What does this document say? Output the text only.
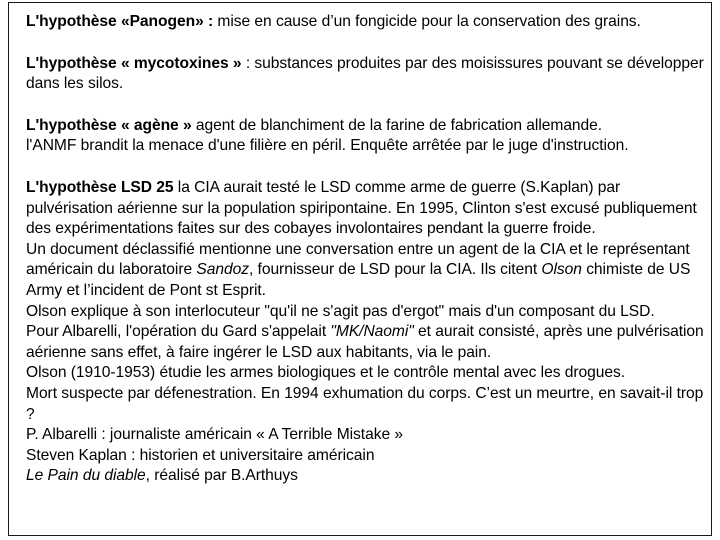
L'hypothèse «Panogen» : mise en cause d’un fongicide pour la conservation des grains.

L'hypothèse « mycotoxines » : substances produites par des moisissures pouvant se développer dans les silos.

L'hypothèse « agène » agent de blanchiment de la farine de fabrication allemande.

l'ANMF brandit la menace d'une filière en péril. Enquête arrêtée par le juge d'instruction.

L'hypothèse LSD 25 la CIA aurait testé le LSD comme arme de guerre (S.Kaplan) par pulvérisation aérienne sur la population spiripontaine. En 1995, Clinton s'est excusé publiquement des expérimentations faites sur des cobayes involontaires pendant la guerre froide.

Un document déclassifié mentionne une conversation entre un agent de la CIA et le représentant américain du laboratoire Sandoz, fournisseur de LSD pour la CIA. Ils citent Olson chimiste de US Army et l’incident de Pont st Esprit.

Olson explique à son interlocuteur "qu'il ne s'agit pas d'ergot" mais d'un composant du LSD.

Pour Albarelli, l'opération du Gard s'appelait "MK/Naomi" et aurait consisté, après une pulvérisation aérienne sans effet, à faire ingérer le LSD aux habitants, via le pain.

Olson (1910-1953) étudie les armes biologiques et le contrôle mental avec les drogues.

Mort suspecte par défenestration. En 1994 exhumation du corps. C’est un meurtre, en savait-il trop ?

P. Albarelli : journaliste américain « A Terrible Mistake »

Steven Kaplan : historien et universitaire américain

Le Pain du diable, réalisé par B.Arthuys
